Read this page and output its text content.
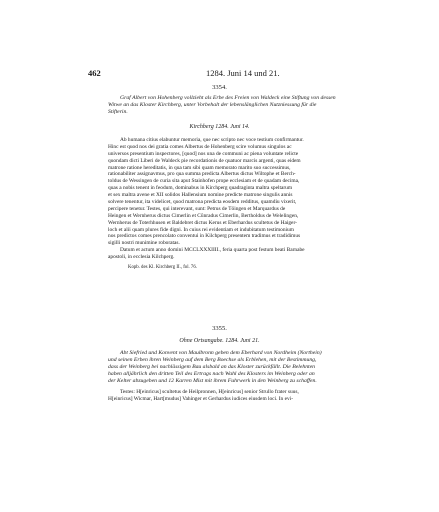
462	1284. Juni 14 und 21.
3354.
Graf Albert von Hohenberg vollzieht als Erbe des Freien von Waldeck eine Stiftung von dessen
Witwe an das Kloster Kirchberg, unter Vorbehalt der lebenslänglichen Nutzniessung für die
Stifterin.
Kirchberg 1284. Juni 14.
Ab humana citius elabuntur memoria, que nec scripto nec voce testium confirmantur.
Hinc est quod nos dei gratia comes Albertus de Hohenberg scire volumus singulos ac
universos presentium inspectores, [quod] nos una de communi ac piena voluntate relicte
quondam dicti Liberi de Waldeck pie recordationis de quatuor marcis argenti, quas eidem
matrone ratione hereditatis, in qua tam sibi quam memorato marito suo successimus,
rationabiliter assignavmus, pro qua summa predicta Albertus dictus Wiltophe et Berch-
toldus de Wessingen de curia sita aput Stainhofen prope ecclesiam et de quadam decima,
quas a nobis tenent in feodum, dominabus in Kirchperg quadraginta maltra speltarum
et sex maltra avene et XII solidos Hallensium nomine predicte matrone singulis annis
solvere tenentur, ita videlicet, quod matrona predicta eosdem redditus, quamdiu vixerit,
percipere tenetur. Testes, qui interevant, sunt: Petrus de Töingen et Marquardus de
Heingen et Wernherus dictus Cimerlin et Cûnradus Cimerlin, Bertholdus de Welelingen,
Wernherus de Toterhhusen et Baldebret dictus Kerus et Eberhardus scultetus de Haiger-
loch et alii quam plures fide digni. In cuius rei evidentiam et indubitatum testimonium
nos predictos comes prencolato conventui in Kilchperg presentem tradimus et tradidimus
sigilli nostri munimine roboratas.
Datum et actum anno domini MCCLXXXIIII., feria quarta post festum beati Barnabe
apostoli, in ecclesia Kilchperg.
Kopb. des Kl. Kirchberg II., fol. 76.
3355.
Ohne Ortsangabe. 1284. Juni 21.
Abt Siefried und Konvent von Maulbronn geben dem Eberhard von Nordheim (Northein)
und seinen Erben ihren Weinberg auf dem Berg Boechse als Erblehen, mit der Bestimmung,
dass der Weinberg bei nachlässigem Bau alsbald an das Kloster zurückfällt. Die Belehnten
haben alljährlich den dritten Teil des Ertrags nach Wahl des Klosters im Weinberg oder an
der Kelter abzugeben und 12 Karren Mist mit ihrem Fuhrwerk in den Weinberg zu schaffen.
Testes: H[einricus] scultetus de Heilpronnen, H[einricus] senior Strullo frater suus,
H[einricus] Wicmar, Hart[mudus] Vahinger et Gerhardus iudices eiusdem loci. In evi-
